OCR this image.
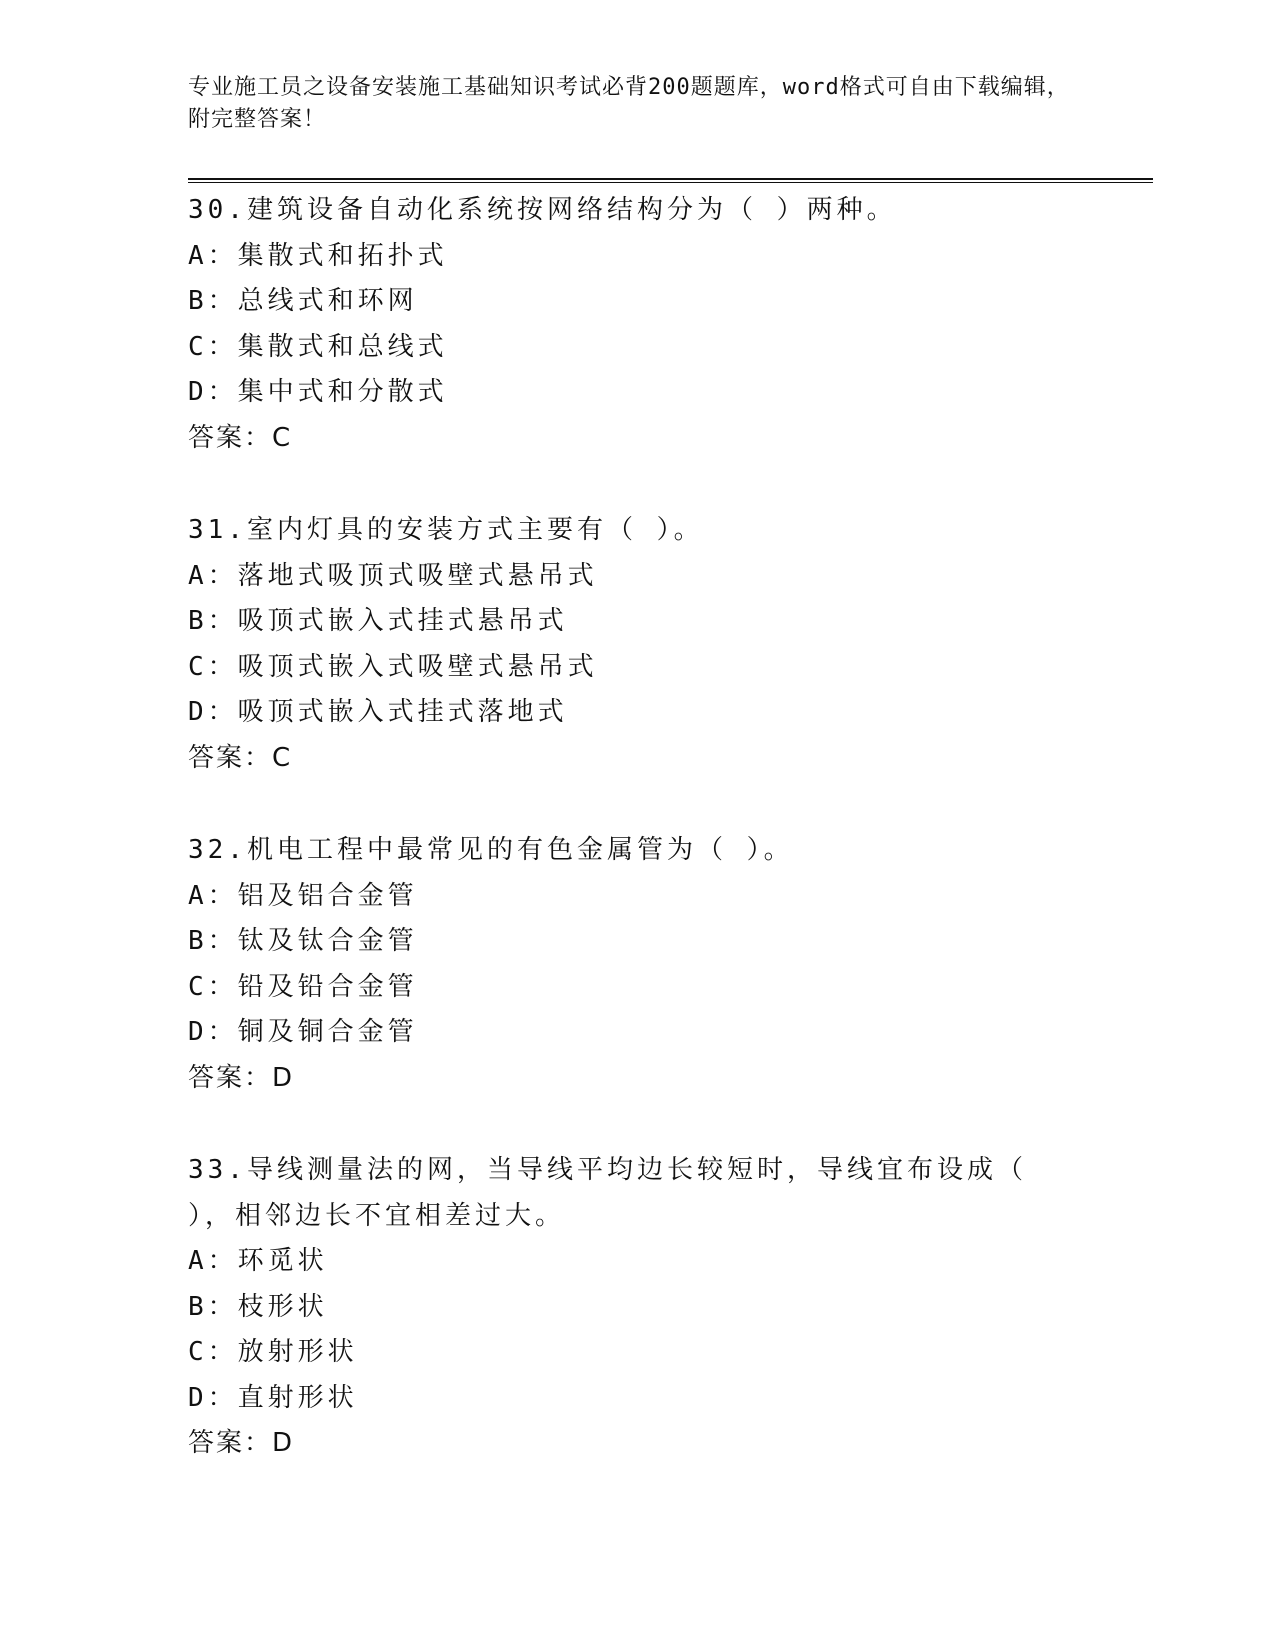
专业施工员之设备安装施工基础知识考试必背200题题库，word格式可自由下载编辑，附完整答案！
30.建筑设备自动化系统按网络结构分为（ ）两种。
A：集散式和拓扑式
B：总线式和环网
C：集散式和总线式
D：集中式和分散式
答案：C
31.室内灯具的安装方式主要有（ ）。
A：落地式吸顶式吸壁式悬吊式
B：吸顶式嵌入式挂式悬吊式
C：吸顶式嵌入式吸壁式悬吊式
D：吸顶式嵌入式挂式落地式
答案：C
32.机电工程中最常见的有色金属管为（ ）。
A：铝及铝合金管
B：钛及钛合金管
C：铅及铅合金管
D：铜及铜合金管
答案：D
33.导线测量法的网，当导线平均边长较短时，导线宜布设成（ ），相邻边长不宜相差过大。
A：环觅状
B：枝形状
C：放射形状
D：直射形状
答案：D
